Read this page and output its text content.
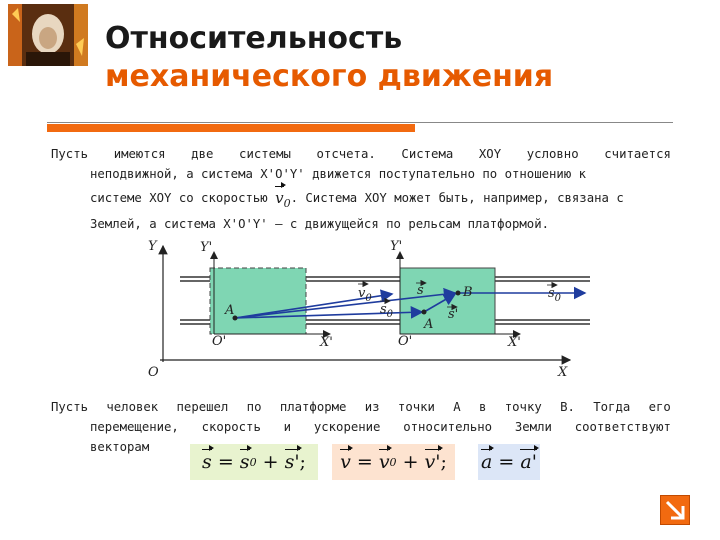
Относительность
механического движения
Пусть имеются две системы отсчета. Система XOY условно считается
неподвижной, а система X'O'Y' движется поступательно по отношению к
системе XOY со скоростью
$v_0$ . Система XOY может быть, например, связана с
Землей, а система X'O'Y' – с движущейся по рельсам платформой.
Y	Y'	Y'
X
X'	X'
O
O'	O'
A
A
B
$v_0$
$s_0$
s
s'
$s_0$
Пусть человек перешел по платформе из точки А в точку В. Тогда его
перемещение, скорость и ускорение относительно Земли соответствуют
векторам
s = s 0 + s' ; v = v 0 + v' ; a = a'
